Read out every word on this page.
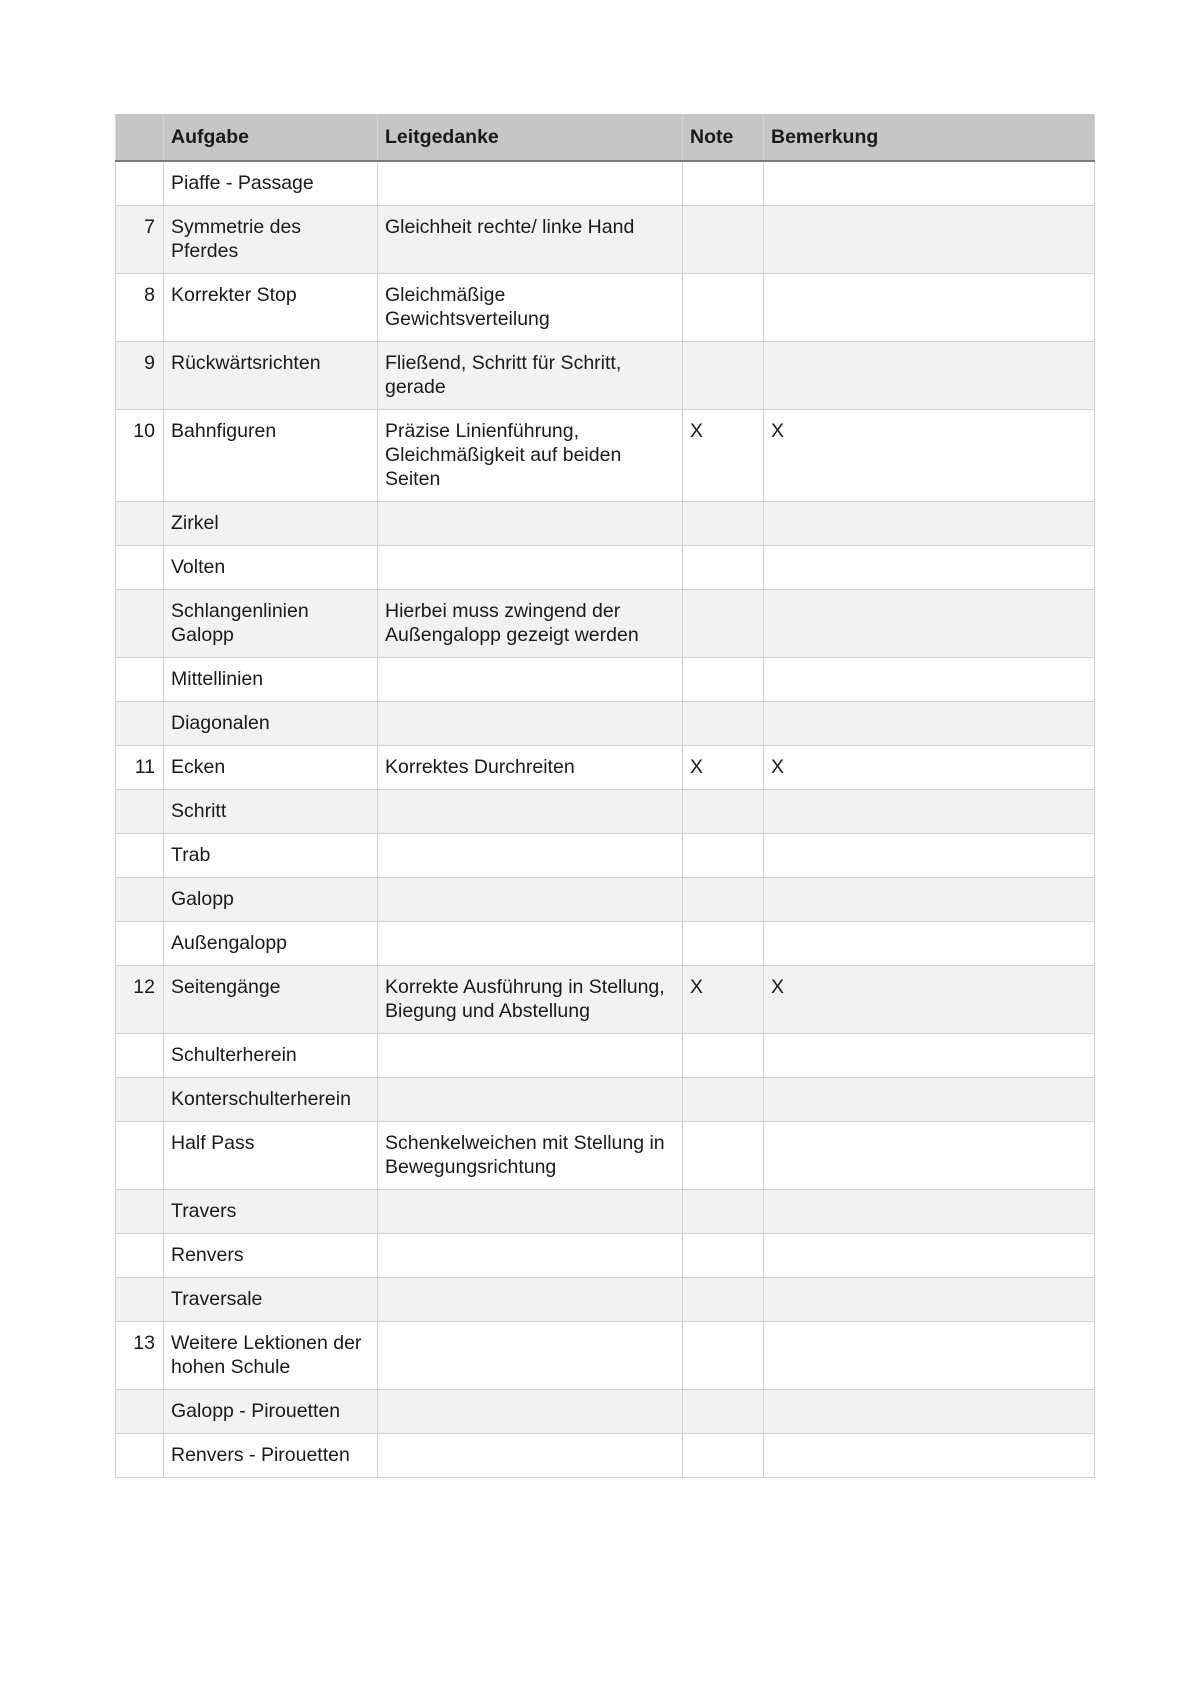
	Aufgabe	Leitgedanke	Note	Bemerkung
	Piaffe - Passage			
7	Symmetrie des Pferdes	Gleichheit rechte/ linke Hand		
8	Korrekter Stop	Gleichmäßige Gewichtsverteilung		
9	Rückwärtsrichten	Fließend, Schritt für Schritt, gerade		
10	Bahnfiguren	Präzise Linienführung, Gleichmäßigkeit auf beiden Seiten	X	X
	Zirkel			
	Volten			
	Schlangenlinien Galopp	Hierbei muss zwingend der Außengalopp gezeigt werden		
	Mittellinien			
	Diagonalen			
11	Ecken	Korrektes Durchreiten	X	X
	Schritt			
	Trab			
	Galopp			
	Außengalopp			
12	Seitengänge	Korrekte Ausführung in Stellung, Biegung und Abstellung	X	X
	Schulterherein			
	Konterschulterherein			
	Half Pass	Schenkelweichen mit Stellung in Bewegungsrichtung		
	Travers			
	Renvers			
	Traversale			
13	Weitere Lektionen der hohen Schule			
	Galopp - Pirouetten			
	Renvers - Pirouetten			
